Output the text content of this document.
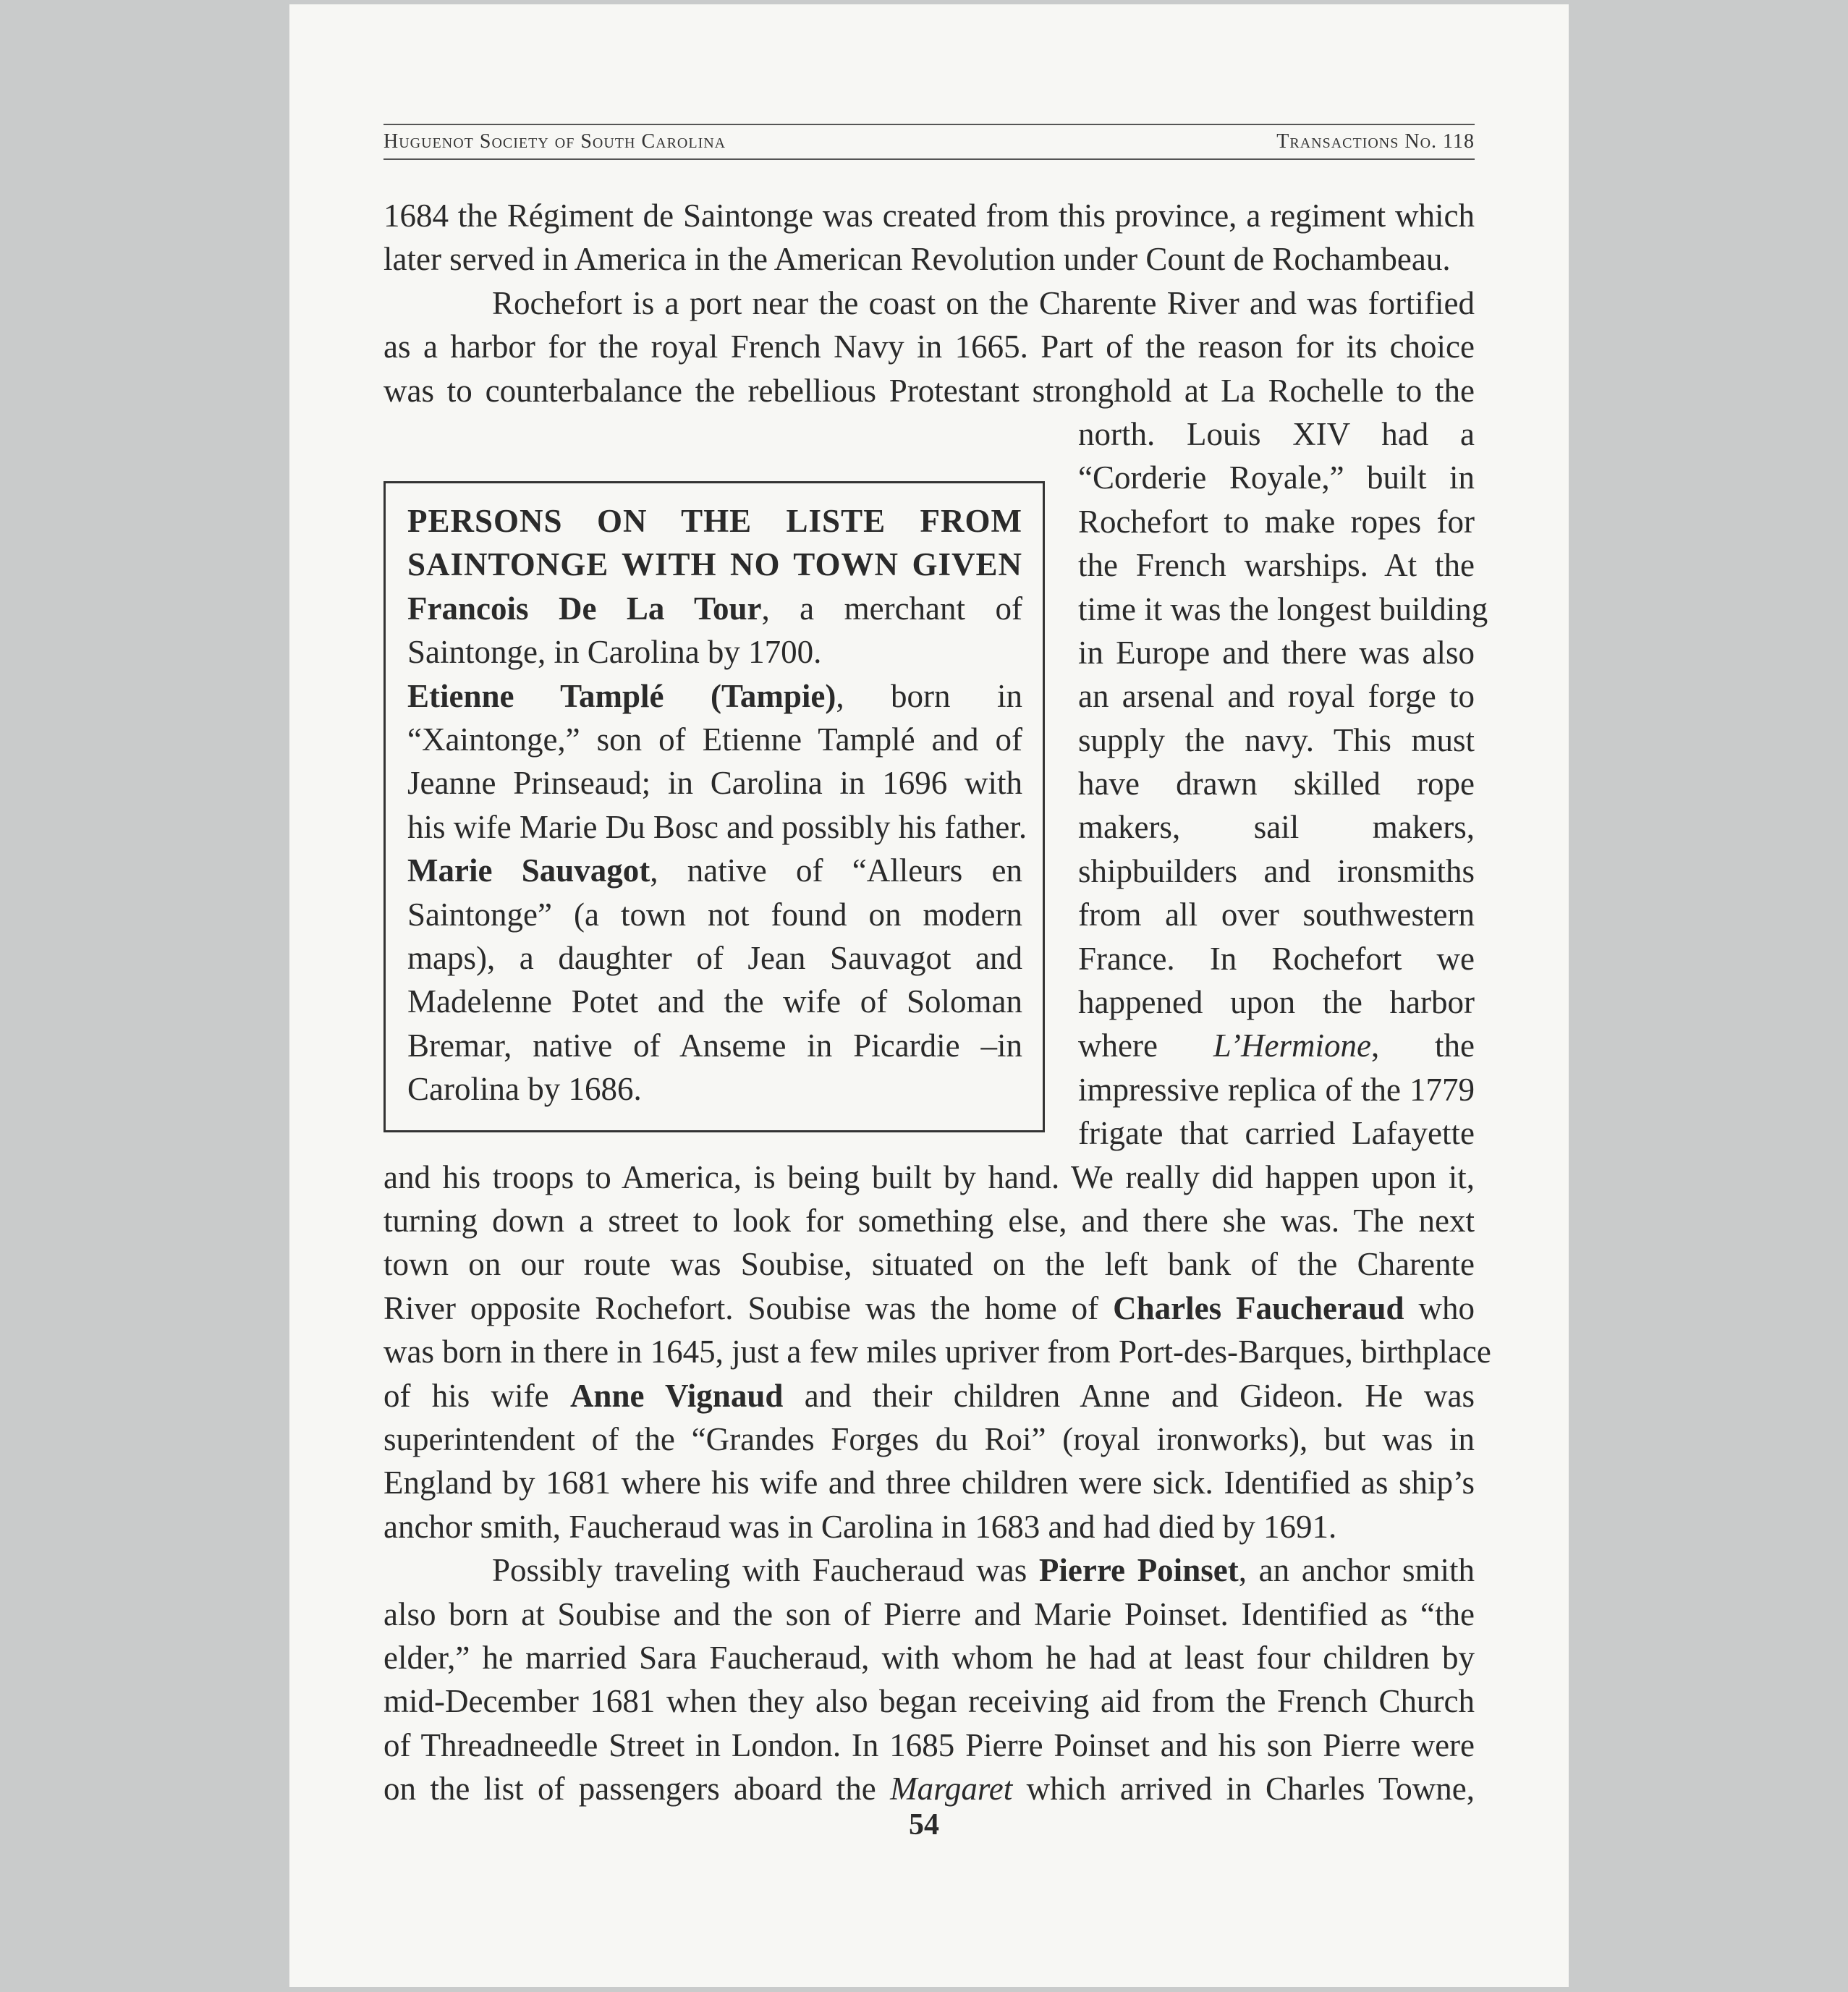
Huguenot Society of South Carolina	Transactions No. 118
1684 the Régiment de Saintonge was created from this province, a regiment which
later served in America in the American Revolution under Count de Rochambeau.
Rochefort is a port near the coast on the Charente River and was fortified
as a harbor for the royal French Navy in 1665. Part of the reason for its choice
was to counterbalance the rebellious Protestant stronghold at La Rochelle to the
north. Louis XIV had a
“Corderie Royale,” built in
Rochefort to make ropes for
the French warships. At the
time it was the longest building
in Europe and there was also
an arsenal and royal forge to
supply the navy. This must
have drawn skilled rope
makers, sail makers,
shipbuilders and ironsmiths
from all over southwestern
France. In Rochefort we
happened upon the harbor
where L’Hermione, the
impressive replica of the 1779
frigate that carried Lafayette
and his troops to America, is being built by hand. We really did happen upon it,
turning down a street to look for something else, and there she was. The next
town on our route was Soubise, situated on the left bank of the Charente
River opposite Rochefort. Soubise was the home of Charles Faucheraud who
was born in there in 1645, just a few miles upriver from Port-des-Barques, birthplace
of his wife Anne Vignaud and their children Anne and Gideon. He was
superintendent of the “Grandes Forges du Roi” (royal ironworks), but was in
England by 1681 where his wife and three children were sick. Identified as ship’s
anchor smith, Faucheraud was in Carolina in 1683 and had died by 1691.
Possibly traveling with Faucheraud was Pierre Poinset, an anchor smith
also born at Soubise and the son of Pierre and Marie Poinset. Identified as “the
elder,” he married Sara Faucheraud, with whom he had at least four children by
mid-December 1681 when they also began receiving aid from the French Church
of Threadneedle Street in London. In 1685 Pierre Poinset and his son Pierre were
on the list of passengers aboard the Margaret which arrived in Charles Towne,
PERSONS ON THE LISTE FROM
SAINTONGE WITH NO TOWN GIVEN
Francois De La Tour, a merchant of
Saintonge, in Carolina by 1700.
Etienne Tamplé (Tampie), born in
“Xaintonge,” son of Etienne Tamplé and of
Jeanne Prinseaud; in Carolina in 1696 with
his wife Marie Du Bosc and possibly his father.
Marie Sauvagot, native of “Alleurs en
Saintonge” (a town not found on modern
maps), a daughter of Jean Sauvagot and
Madelenne Potet and the wife of Soloman
Bremar, native of Anseme in Picardie –in
Carolina by 1686.
54
